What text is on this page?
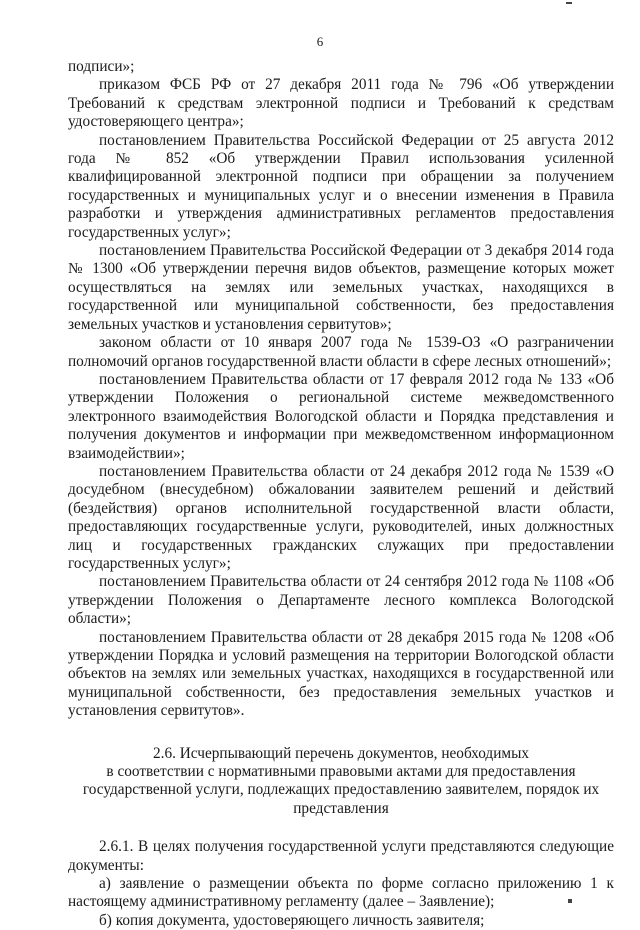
6

подписи»;

приказом ФСБ РФ от 27 декабря 2011 года № 796 «Об утверждении Требований к средствам электронной подписи и Требований к средствам удостоверяющего центра»;

постановлением Правительства Российской Федерации от 25 августа 2012 года № 852 «Об утверждении Правил использования усиленной квалифицированной электронной подписи при обращении за получением государственных и муниципальных услуг и о внесении изменения в Правила разработки и утверждения административных регламентов предоставления государственных услуг»;

постановлением Правительства Российской Федерации от 3 декабря 2014 года № 1300 «Об утверждении перечня видов объектов, размещение которых может осуществляться на землях или земельных участках, находящихся в государственной или муниципальной собственности, без предоставления земельных участков и установления сервитутов»;

законом области от 10 января 2007 года № 1539-ОЗ «О разграничении полномочий органов государственной власти области в сфере лесных отношений»;

постановлением Правительства области от 17 февраля 2012 года № 133 «Об утверждении Положения о региональной системе межведомственного электронного взаимодействия Вологодской области и Порядка представления и получения документов и информации при межведомственном информационном взаимодействии»;

постановлением Правительства области от 24 декабря 2012 года № 1539 «О досудебном (внесудебном) обжаловании заявителем решений и действий (бездействия) органов исполнительной государственной власти области, предоставляющих государственные услуги, руководителей, иных должностных лиц и государственных гражданских служащих при предоставлении государственных услуг»;

постановлением Правительства области от 24 сентября 2012 года № 1108 «Об утверждении Положения о Департаменте лесного комплекса Вологодской области»;

постановлением Правительства области от 28 декабря 2015 года № 1208 «Об утверждении Порядка и условий размещения на территории Вологодской области объектов на землях или земельных участках, находящихся в государственной или муниципальной собственности, без предоставления земельных участков и установления сервитутов».

2.6. Исчерпывающий перечень документов, необходимых
в соответствии с нормативными правовыми актами для предоставления
государственной услуги, подлежащих предоставлению заявителем, порядок их
представления

2.6.1. В целях получения государственной услуги представляются следующие документы:

а) заявление о размещении объекта по форме согласно приложению 1 к настоящему административному регламенту (далее – Заявление);

б) копия документа, удостоверяющего личность заявителя;
